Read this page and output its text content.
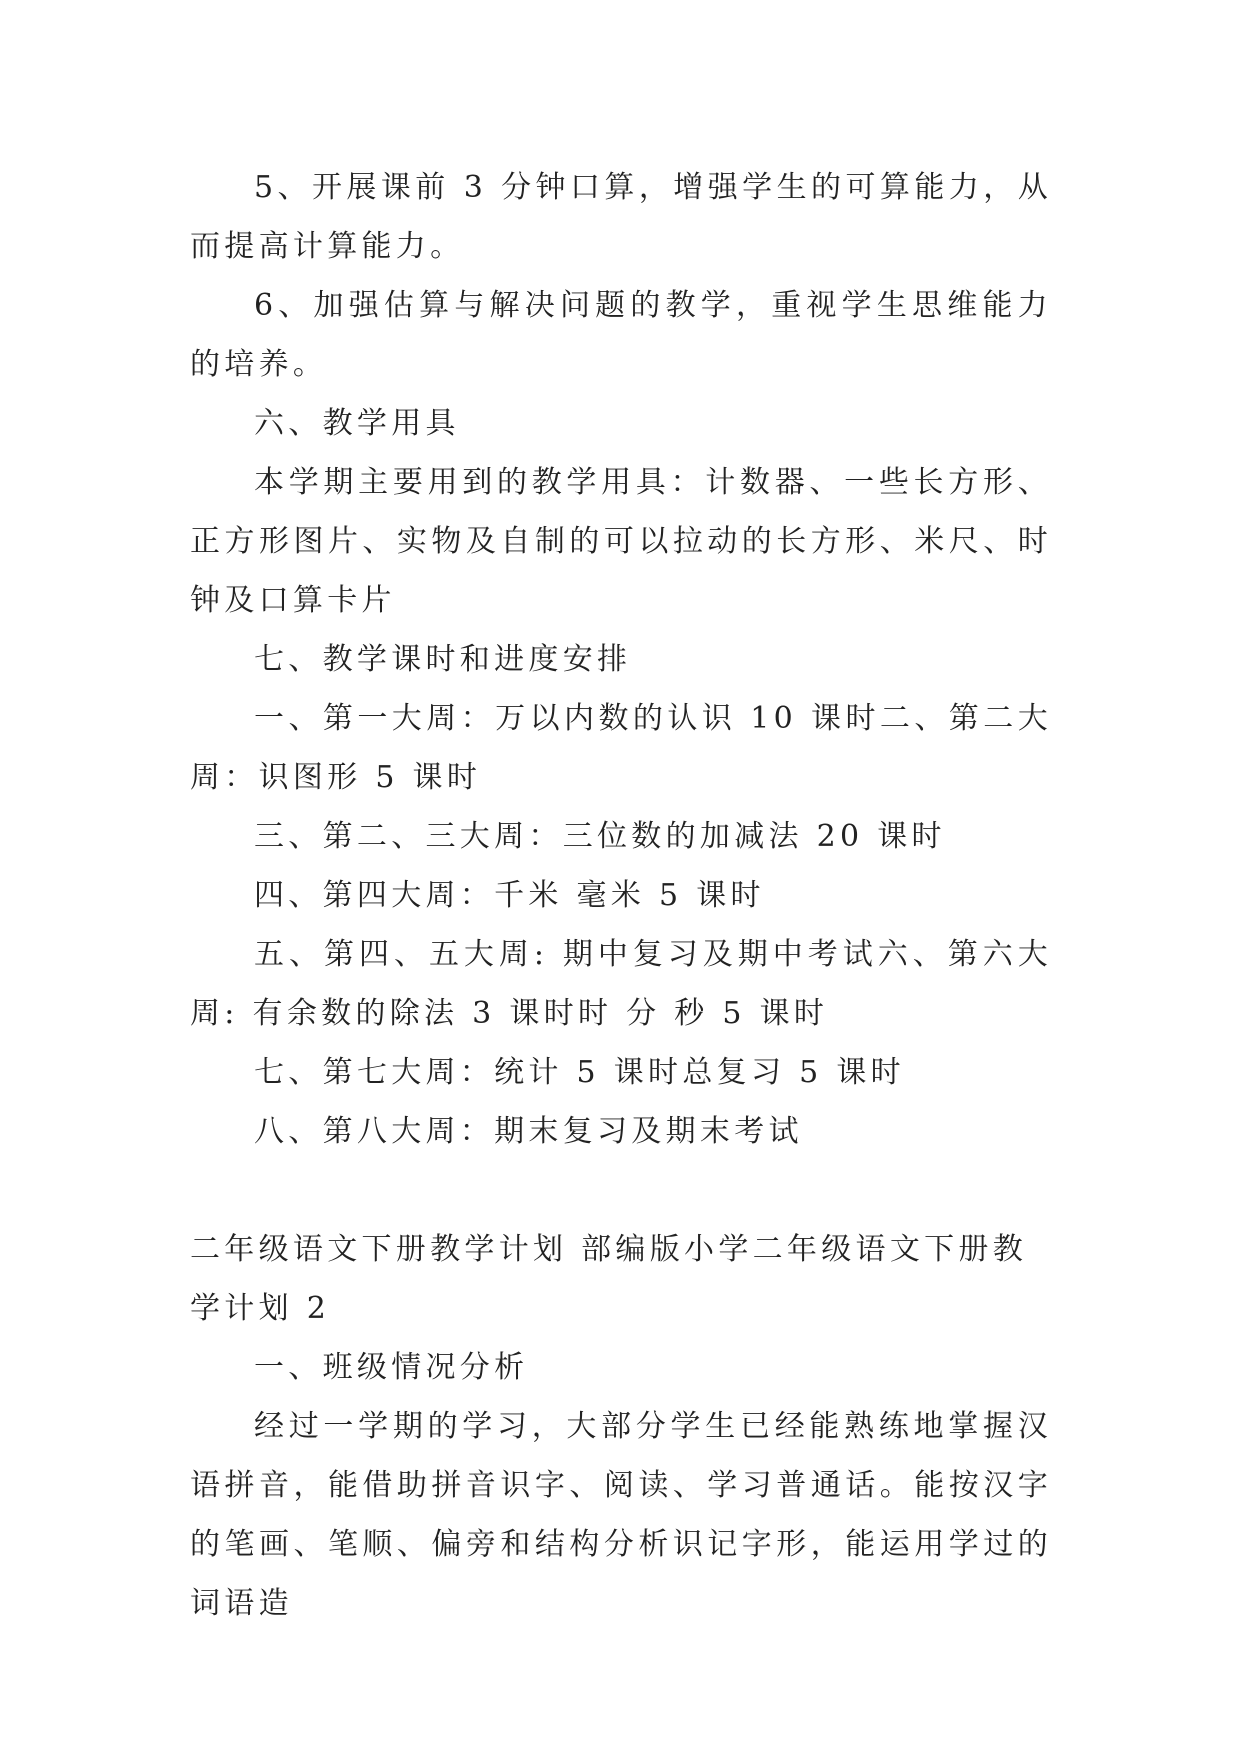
5、开展课前 3 分钟口算，增强学生的可算能力，从而提高计算能力。

6、加强估算与解决问题的教学，重视学生思维能力的培养。

六、教学用具

本学期主要用到的教学用具：计数器、一些长方形、正方形图片、实物及自制的可以拉动的长方形、米尺、时钟及口算卡片

七、教学课时和进度安排

一、第一大周：万以内数的认识 10 课时二、第二大周：识图形 5 课时

三、第二、三大周：三位数的加减法 20 课时

四、第四大周：千米 毫米 5 课时

五、第四、五大周: 期中复习及期中考试六、第六大周: 有余数的除法 3 课时时 分 秒 5 课时

七、第七大周：统计 5 课时总复习 5 课时

八、第八大周：期末复习及期末考试

二年级语文下册教学计划 部编版小学二年级语文下册教学计划 2

一、班级情况分析

经过一学期的学习，大部分学生已经能熟练地掌握汉语拼音，能借助拼音识字、阅读、学习普通话。能按汉字的笔画、笔顺、偏旁和结构分析识记字形，能运用学过的词语造
